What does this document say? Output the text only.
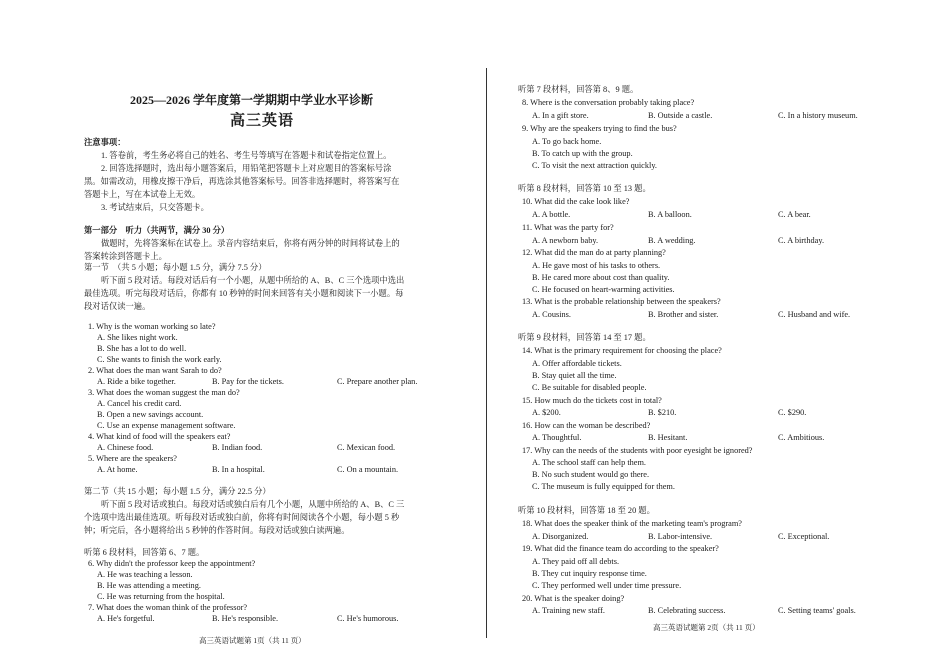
2025—2026 学年度第一学期期中学业水平诊断
高三英语
注意事项：
1. 答卷前，考生务必将自己的姓名、考生号等填写在答题卡和试卷指定位置上。
2. 回答选择题时，选出每小题答案后，用铅笔把答题卡上对应题目的答案标号涂
黑。如需改动，用橡皮擦干净后，再选涂其他答案标号。回答非选择题时，将答案写在
答题卡上，写在本试卷上无效。
3. 考试结束后，只交答题卡。
第一部分　听力（共两节，满分 30 分）
做题时，先将答案标在试卷上。录音内容结束后，你将有两分钟的时间将试卷上的
答案转涂到答题卡上。
第一节　（共 5 小题；每小题 1.5 分，满分 7.5 分）
听下面 5 段对话。每段对话后有一个小题，从题中所给的 A、B、C 三个选项中选出
最佳选项。听完每段对话后，你都有 10 秒钟的时间来回答有关小题和阅读下一小题。每
段对话仅读一遍。
1. Why is the woman working so late?
A. She likes night work.
B. She has a lot to do well.
C. She wants to finish the work early.
2. What does the man want Sarah to do?
A. Ride a bike together.	B. Pay for the tickets.	C. Prepare another plan.
3. What does the woman suggest the man do?
A. Cancel his credit card.
B. Open a new savings account.
C. Use an expense management software.
4. What kind of food will the speakers eat?
A. Chinese food.	B. Indian food.	C. Mexican food.
5. Where are the speakers?
A. At home.	B. In a hospital.	C. On a mountain.
第二节（共 15 小题；每小题 1.5 分，满分 22.5 分）
听下面 5 段对话或独白。每段对话或独白后有几个小题，从题中所给的 A、B、C 三
个选项中选出最佳选项。听每段对话或独白前，你将有时间阅读各个小题，每小题 5 秒
钟；听完后，各小题将给出 5 秒钟的作答时间。每段对话或独白读两遍。
听第 6 段材料，回答第 6、7 题。
6. Why didn't the professor keep the appointment?
A. He was teaching a lesson.
B. He was attending a meeting.
C. He was returning from the hospital.
7. What does the woman think of the professor?
A. He's forgetful.	B. He's responsible.	C. He's humorous.
高三英语试题第 1页（共 11 页）
听第 7 段材料，回答第 8、9 题。
8. Where is the conversation probably taking place?
A. In a gift store.	B. Outside a castle.	C. In a history museum.
9. Why are the speakers trying to find the bus?
A. To go back home.
B. To catch up with the group.
C. To visit the next attraction quickly.
听第 8 段材料，回答第 10 至 13 题。
10. What did the cake look like?
A. A bottle.	B. A balloon.	C. A bear.
11. What was the party for?
A. A newborn baby.	B. A wedding.	C. A birthday.
12. What did the man do at party planning?
A. He gave most of his tasks to others.
B. He cared more about cost than quality.
C. He focused on heart-warming activities.
13. What is the probable relationship between the speakers?
A. Cousins.	B. Brother and sister.	C. Husband and wife.
听第 9 段材料，回答第 14 至 17 题。
14. What is the primary requirement for choosing the place?
A. Offer affordable tickets.
B. Stay quiet all the time.
C. Be suitable for disabled people.
15. How much do the tickets cost in total?
A. $200.	B. $210.	C. $290.
16. How can the woman be described?
A. Thoughtful.	B. Hesitant.	C. Ambitious.
17. Why can the needs of the students with poor eyesight be ignored?
A. The school staff can help them.
B. No such student would go there.
C. The museum is fully equipped for them.
听第 10 段材料，回答第 18 至 20 题。
18. What does the speaker think of the marketing team's program?
A. Disorganized.	B. Labor-intensive.	C. Exceptional.
19. What did the finance team do according to the speaker?
A. They paid off all debts.
B. They cut inquiry response time.
C. They performed well under time pressure.
20. What is the speaker doing?
A. Training new staff.	B. Celebrating success.	C. Setting teams' goals.
高三英语试题第 2页（共 11 页）
